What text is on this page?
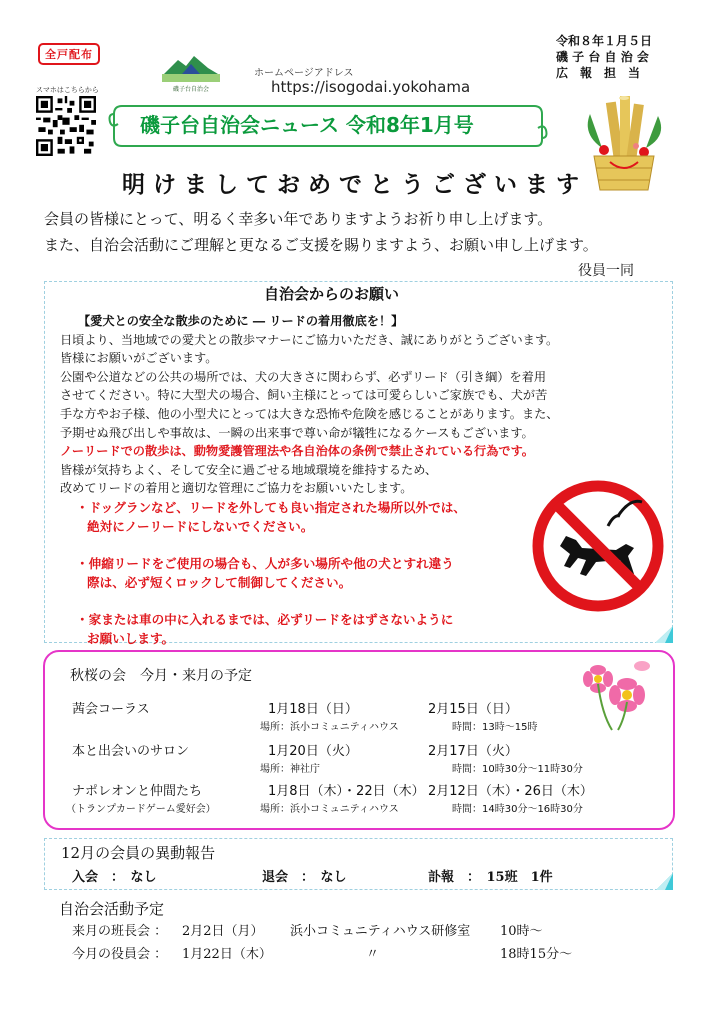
全戸配布
スマホはこちらから	磯子台自治会
ホームページアドレス
https://isogodai.yokohama
令和８年１月５日
磯 子 台 自 治 会
広　報　担　当
磯子台自治会ニュース 令和8年1月号
明けましておめでとうございます
会員の皆様にとって、明るく幸多い年でありますようお祈り申し上げます。
また、自治会活動にご理解と更なるご支援を賜りますよう、お願い申し上げます。
役員一同
自治会からのお願い

【愛犬との安全な散歩のために ― リードの着用徹底を！】

日頃より、当地域での愛犬との散歩マナーにご協力いただき、誠にありがとうございます。

皆様にお願いがございます。

公園や公道などの公共の場所では、犬の大きさに関わらず、必ずリード（引き綱）を着用

させてください。特に大型犬の場合、飼い主様にとっては可愛らしいご家族でも、犬が苦

手な方やお子様、他の小型犬にとっては大きな恐怖や危険を感じることがあります。また、

予期せぬ飛び出しや事故は、一瞬の出来事で尊い命が犠牲になるケースもございます。

ノーリードでの散歩は、動物愛護管理法や各自治体の条例で禁止されている行為です。

皆様が気持ちよく、そして安全に過ごせる地域環境を維持するため、

改めてリードの着用と適切な管理にご協力をお願いいたします。

・ドッグランなど、リードを外しても良い指定された場所以外では、
絶対にノーリードにしないでください。

・伸縮リードをご使用の場合も、人が多い場所や他の犬とすれ違う
際は、必ず短くロックして制御してください。

・家または車の中に入れるまでは、必ずリードをはずさないように
お願いします。

秋桜の会　今月・来月の予定
茜会コーラス	1月18日（日）	2月15日（日）
場所：浜小コミュニティハウス	時間：13時～15時
本と出会いのサロン	1月20日（火）	2月17日（火）
場所：神社庁	時間：10時30分～11時30分
ナポレオンと仲間たち	1月8日（木）・22日（木） 2月12日（木）・26日（木）
（トランプカードゲーム愛好会）	場所：浜小コミュニティハウス	時間：14時30分～16時30分
12月の会員の異動報告
入会　：　なし	退会　：　なし	訃報　：　15班　1件
自治会活動予定
来月の班長会 ： 2月2日（月） 浜小コミュニティハウス研修室 10時～
今月の役員会 ： 1月22日（木）	〃	18時15分～
